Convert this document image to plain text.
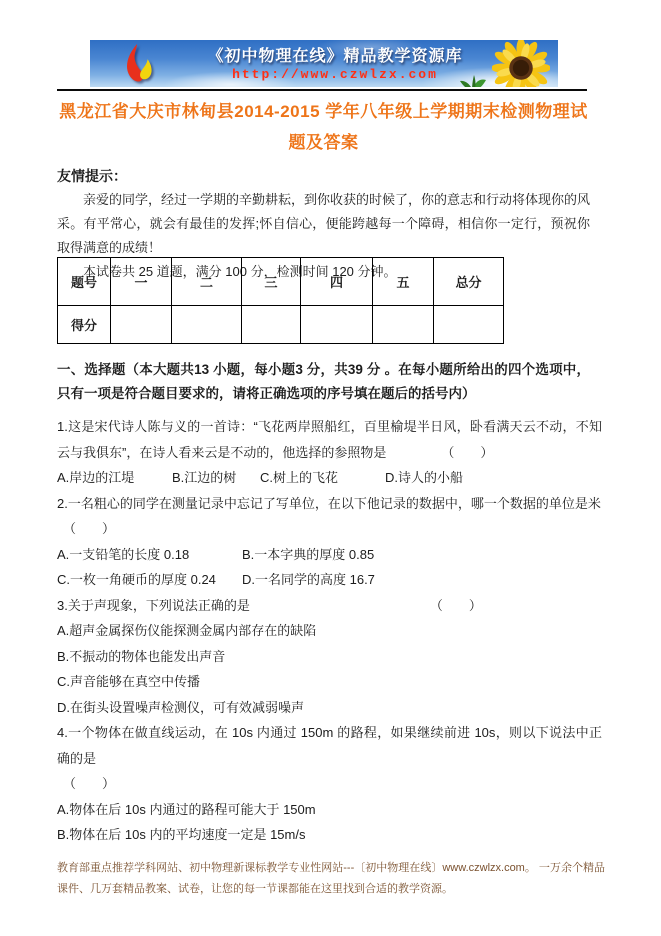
《初中物理在线》精品教学资源库
http://www.czwlzx.com
黑龙江省大庆市林甸县2014-2015 学年八年级上学期期末检测物理试题及答案
友情提示：

亲爱的同学，经过一学期的辛勤耕耘，到你收获的时候了，你的意志和行动将体现你的风采。有平常心，就会有最佳的发挥;怀自信心，便能跨越每一个障碍，相信你一定行，预祝你取得满意的成绩！

本试卷共 25 道题，满分 100 分，检测时间 120 分钟。

题号	一	二	三	四	五	总分
得分						
一、选择题（本大题共13 小题，每小题3 分，共39 分 。在每小题所给出的四个选项中，只有一项是符合题目要求的，请将正确选项的序号填在题后的括号内）
1.这是宋代诗人陈与义的一首诗：“飞花两岸照船红，百里榆堤半日风，卧看满天云不动，不知云与我俱东”，在诗人看来云是不动的，他选择的参照物是	（　　）
A.岸边的江堤	B.江边的树	C.树上的飞花	D.诗人的小船
2.一名粗心的同学在测量记录中忘记了写单位，在以下他记录的数据中，哪一个数据的单位是米
（　　）
A.一支铅笔的长度 0.18	B.一本字典的厚度 0.85
C.一枚一角硬币的厚度 0.24	D.一名同学的高度 16.7
3.关于声现象，下列说法正确的是	（　　）
A.超声金属探伤仪能探测金属内部存在的缺陷
B.不振动的物体也能发出声音
C.声音能够在真空中传播
D.在街头设置噪声检测仪，可有效减弱噪声
4.一个物体在做直线运动，在 10s 内通过 150m 的路程，如果继续前进 10s，则以下说法中正确的是
（　　）
A.物体在后 10s 内通过的路程可能大于 150m
B.物体在后 10s 内的平均速度一定是 15m/s
教育部重点推荐学科网站、初中物理新课标教学专业性网站---〔初中物理在线〕www.czwlzx.com。 一万余个精品课件、几万套精品教案、试卷，让您的每一节课都能在这里找到合适的教学资源。
